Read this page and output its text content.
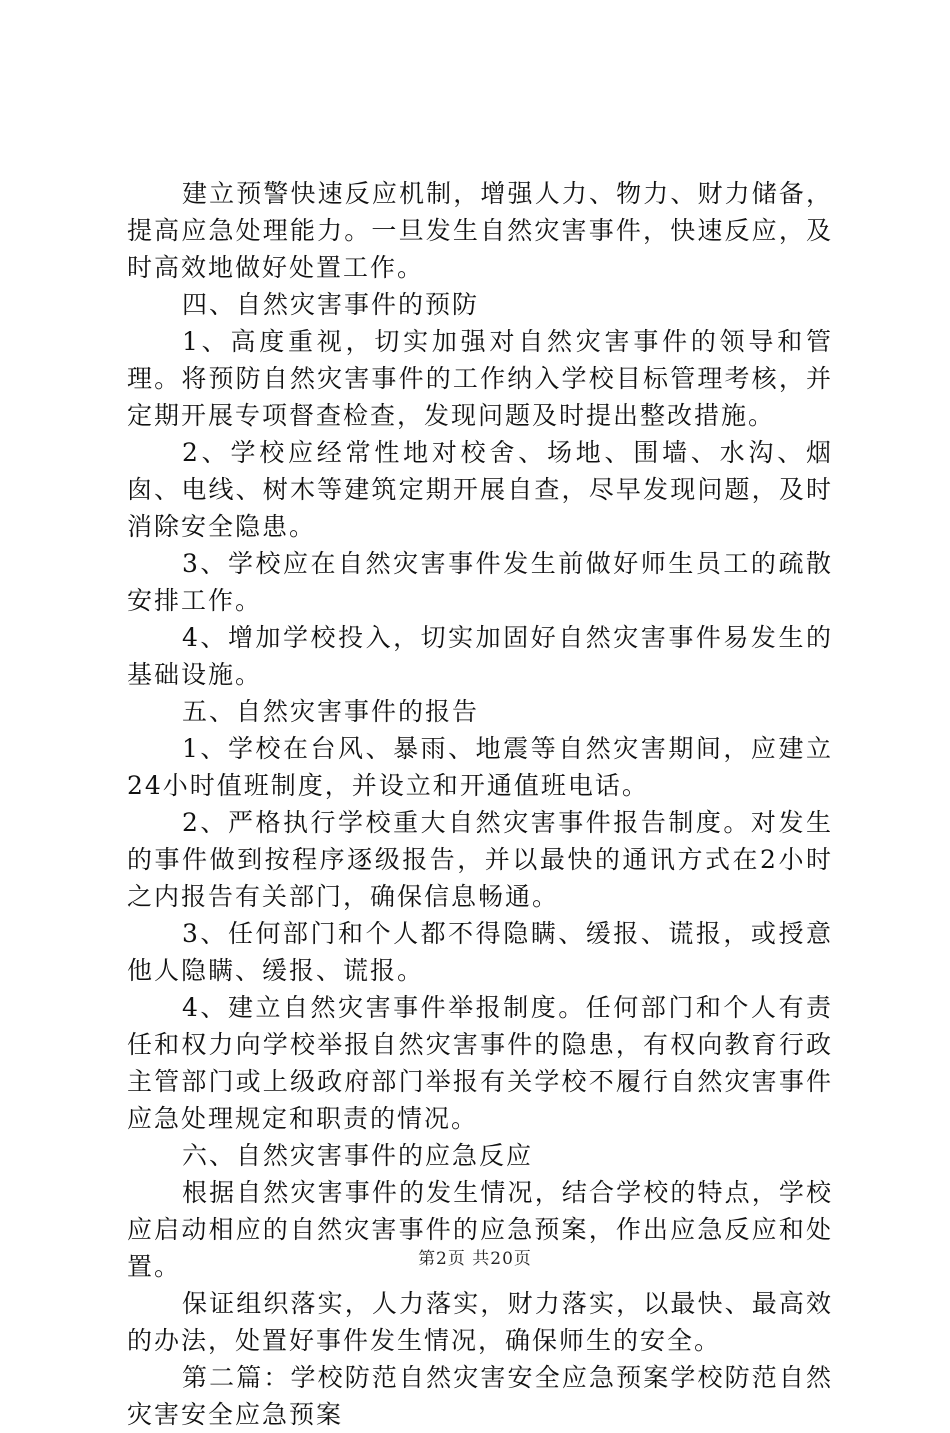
建立预警快速反应机制，增强人力、物力、财力储备，提高应急处理能力。一旦发生自然灾害事件，快速反应，及时高效地做好处置工作。

四、自然灾害事件的预防

1、高度重视，切实加强对自然灾害事件的领导和管理。将预防自然灾害事件的工作纳入学校目标管理考核，并定期开展专项督查检查，发现问题及时提出整改措施。

2、学校应经常性地对校舍、场地、围墙、水沟、烟囱、电线、树木等建筑定期开展自查，尽早发现问题，及时消除安全隐患。

3、学校应在自然灾害事件发生前做好师生员工的疏散安排工作。

4、增加学校投入，切实加固好自然灾害事件易发生的基础设施。

五、自然灾害事件的报告

1、学校在台风、暴雨、地震等自然灾害期间，应建立24小时值班制度，并设立和开通值班电话。

2、严格执行学校重大自然灾害事件报告制度。对发生的事件做到按程序逐级报告，并以最快的通讯方式在2小时之内报告有关部门，确保信息畅通。

3、任何部门和个人都不得隐瞒、缓报、谎报，或授意他人隐瞒、缓报、谎报。

4、建立自然灾害事件举报制度。任何部门和个人有责任和权力向学校举报自然灾害事件的隐患，有权向教育行政主管部门或上级政府部门举报有关学校不履行自然灾害事件应急处理规定和职责的情况。

六、自然灾害事件的应急反应

根据自然灾害事件的发生情况，结合学校的特点，学校应启动相应的自然灾害事件的应急预案，作出应急反应和处置。

保证组织落实，人力落实，财力落实，以最快、最高效的办法，处置好事件发生情况，确保师生的安全。

第二篇：学校防范自然灾害安全应急预案学校防范自然灾害安全应急预案

第2页 共20页
